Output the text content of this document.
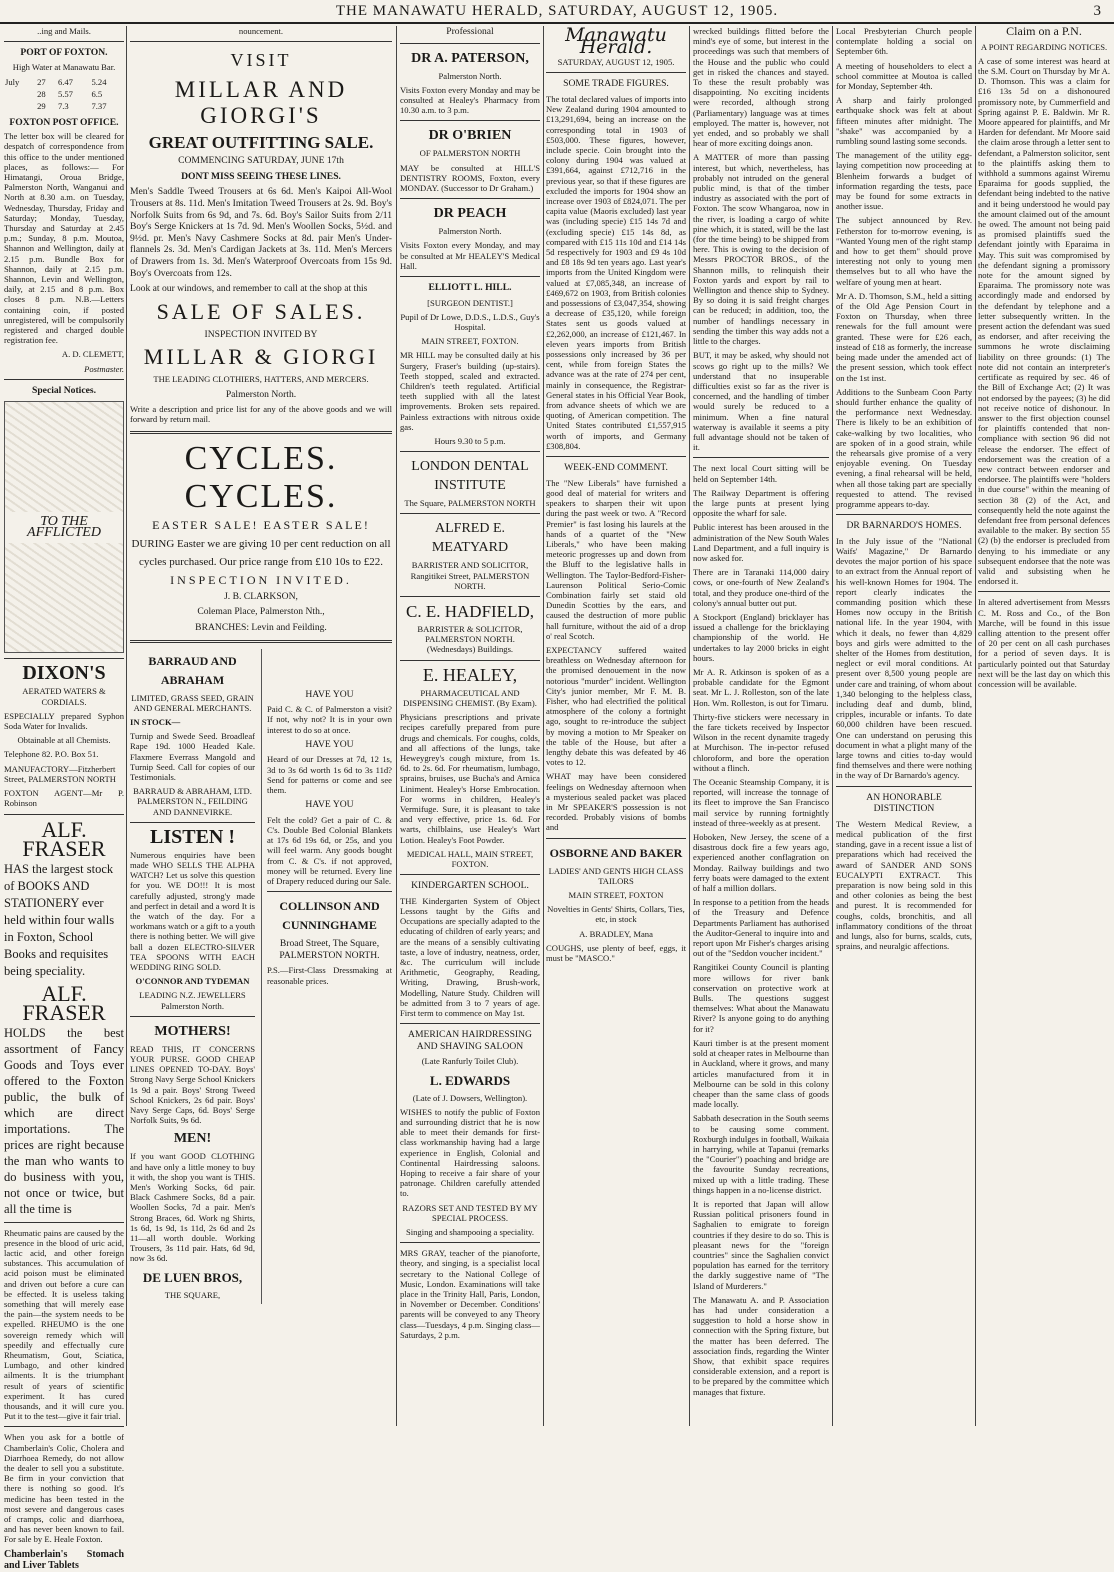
THE MANAWATU HERALD, SATURDAY, AUGUST 12, 1905.	3

..ing and Mails.

PORT OF FOXTON.

High Water at Manawatu Bar.

July	27	6.47	5.24
	28	5.57	6.5
	29	7.3	7.37
FOXTON POST OFFICE.

The letter box will be cleared for despatch of correspondence from this office to the under mentioned places, as follows:— For Himatangi, Oroua Bridge, Palmerston North, Wanganui and North at 8.30 a.m. on Tuesday, Wednesday, Thursday, Friday and Saturday; Monday, Tuesday, Thursday and Saturday at 2.45 p.m.; Sunday, 8 p.m. Moutoa, Shannon and Wellington, daily at 2.15 p.m. Bundle Box for Shannon, daily at 2.15 p.m. Shannon, Levin and Wellington, daily, at 2.15 and 8 p.m. Box closes 8 p.m. N.B.—Letters containing coin, if posted unregistered, will be compulsorily registered and charged double registration fee.

A. D. CLEMETT,

Postmaster.

Special Notices.
TO THE AFFLICTED
DIXON'S

AERATED WATERS & CORDIALS.

ESPECIALLY prepared Syphon Soda Water for Invalids.

Obtainable at all Chemists.

Telephone 82. P.O. Box 51.

MANUFACTORY—Fitzherbert Street, PALMERSTON NORTH

FOXTON AGENT—Mr P. Robinson

ALF. FRASER

HAS the largest stock of BOOKS AND STATIONERY ever held within four walls in Foxton, School Books and requisites being speciality.

ALF. FRASER

HOLDS the best assortment of Fancy Goods and Toys ever offered to the Foxton public, the bulk of which are direct importations. The prices are right because the man who wants to do business with you, not once or twice, but all the time is

Rheumatic pains are caused by the presence in the blood of uric acid, lactic acid, and other foreign substances. This accumulation of acid poison must be eliminated and driven out before a cure can be effected. It is useless taking something that will merely ease the pain—the system needs to be expelled. RHEUMO is the one sovereign remedy which will speedily and effectually cure Rheumatism, Gout, Sciatica, Lumbago, and other kindred ailments. It is the triumphant result of years of scientific experiment. It has cured thousands, and it will cure you. Put it to the test—give it fair trial.

When you ask for a bottle of Chamberlain's Colic, Cholera and Diarrhoea Remedy, do not allow the dealer to sell you a substitute. Be firm in your conviction that there is nothing so good. It's medicine has been tested in the most severe and dangerous cases of cramps, colic and diarrhoea, and has never been known to fail. For sale by E. Heale Foxton.

Chamberlain's Stomach and Liver Tablets

nouncement.

VISIT
MILLAR AND GIORGI'S
GREAT OUTFITTING SALE.

COMMENCING SATURDAY, JUNE 17th

DONT MISS SEEING THESE LINES.

Men's Saddle Tweed Trousers at 6s 6d. Men's Kaipoi All-Wool Trousers at 8s. 11d. Men's Imitation Tweed Trousers at 2s. 9d. Boy's Norfolk Suits from 6s 9d, and 7s. 6d. Boy's Sailor Suits from 2/11 Boy's Serge Knickers at 1s 7d. 9d. Men's Woollen Socks, 5½d. and 9½d. pr. Men's Navy Cashmere Socks at 8d. pair Men's Under-flannels 2s. 3d. Men's Cardigan Jackets at 3s. 11d. Men's Mercers of Drawers from 1s. 3d. Men's Waterproof Overcoats from 15s 9d. Boy's Overcoats from 12s.

Look at our windows, and remember to call at the shop at this

SALE OF SALES.

INSPECTION INVITED BY

MILLAR & GIORGI

THE LEADING CLOTHIERS, HATTERS, AND MERCERS.

Palmerston North.

Write a description and price list for any of the above goods and we will forward by return mail.

CYCLES. CYCLES.

EASTER SALE! EASTER SALE!

DURING Easter we are giving 10 per cent reduction on all cycles purchased. Our price range from £10 10s to £22.

INSPECTION INVITED.

J. B. CLARKSON,

Coleman Place, Palmerston Nth.,

BRANCHES: Levin and Feilding.

BARRAUD AND ABRAHAM

LIMITED, GRASS SEED, GRAIN AND GENERAL MERCHANTS.

IN STOCK—

Turnip and Swede Seed. Broadleaf Rape 19d. 1000 Headed Kale. Flaxmere Everrass Mangold and Turnip Seed. Call for copies of our Testimonials.

BARRAUD & ABRAHAM, LTD. PALMERSTON N., FEILDING AND DANNEVIRKE.

LISTEN !

Numerous enquiries have been made WHO SELLS THE ALPHA WATCH? Let us solve this question for you. WE DO!!! It is most carefully adjusted, strong'y made and perfect in detail and a word It is the watch of the day. For a workmans watch or a gift to a youth there is nothing better. We will give ball a dozen ELECTRO-SILVER TEA SPOONS WITH EACH WEDDING RING SOLD.

O'CONNOR AND TYDEMAN

LEADING N.Z. JEWELLERS Palmerston North.

MOTHERS!

READ THIS, IT CONCERNS YOUR PURSE. GOOD CHEAP LINES OPENED TO-DAY. Boys' Strong Navy Serge School Knickers 1s 9d a pair. Boys' Strong Tweed School Knickers, 2s 6d pair. Boys' Navy Serge Caps, 6d. Boys' Serge Norfolk Suits, 9s 6d.

MEN!

If you want GOOD CLOTHING and have only a little money to buy it with, the shop you want is THIS. Men's Working Socks, 6d pair. Black Cashmere Socks, 8d a pair. Woollen Socks, 7d a pair. Men's Strong Braces, 6d. Work ng Shirts, 1s 6d, 1s 9d, 1s 11d, 2s 6d and 2s 11—all worth double. Working Trousers, 3s 11d pair. Hats, 6d 9d, now 3s 6d.

DE LUEN BROS,

THE SQUARE,

HAVE YOU

Paid C. & C. of Palmerston a visit? If not, why not? It is in your own interest to do so at once.

HAVE YOU

Heard of our Dresses at 7d, 12 1s, 3d to 3s 6d worth 1s 6d to 3s 11d? Send for patterns or come and see them.

HAVE YOU

Felt the cold? Get a pair of C. & C's. Double Bed Colonial Blankets at 17s 6d 19s 6d, or 25s, and you will feel warm. Any goods bought from C. & C's. if not approved, money will be returned. Every line of Drapery reduced during our Sale.

COLLINSON AND CUNNINGHAME

Broad Street, The Square, PALMERSTON NORTH.

P.S.—First-Class Dressmaking at reasonable prices.

Professional

DR A. PATERSON,

Palmerston North.

Visits Foxton every Monday and may be consulted at Healey's Pharmacy from 10.30 a.m. to 3 p.m.

DR O'BRIEN

OF PALMERSTON NORTH

MAY be consulted at HILL'S DENTISTRY ROOMS, Foxton, every MONDAY. (Successor to Dr Graham.)

DR PEACH

Palmerston North.

Visits Foxton every Monday, and may be consulted at Mr HEALEY'S Medical Hall.

ELLIOTT L. HILL.

[SURGEON DENTIST.]

Pupil of Dr Lowe, D.D.S., L.D.S., Guy's Hospital.

MAIN STREET, FOXTON.

MR HILL may be consulted daily at his Surgery, Fraser's building (up-stairs). Teeth stopped, scaled and extracted. Children's teeth regulated. Artificial teeth supplied with all the latest improvements. Broken sets repaired. Painless extractions with nitrous oxide gas.

Hours 9.30 to 5 p.m.

LONDON DENTAL INSTITUTE

The Square, PALMERSTON NORTH

ALFRED E. MEATYARD

BARRISTER AND SOLICITOR, Rangitikei Street, PALMERSTON NORTH.

C. E. HADFIELD,

BARRISTER & SOLICITOR, PALMERSTON NORTH. (Wednesdays) Buildings.

E. HEALEY,

PHARMACEUTICAL AND DISPENSING CHEMIST. (By Exam).

Physicians prescriptions and private recipes carefully prepared from pure drugs and chemicals. For coughs, colds, and all affections of the lungs, take Heweygrey's cough mixture, from 1s. 6d. to 2s. 6d. For rheumatism, lumbago, sprains, bruises, use Bucha's and Arnica Liniment. Healey's Horse Embrocation. For worms in children, Healey's Vermifuge. Sure, it is pleasant to take and very effective, price 1s. 6d. For warts, chilblains, use Healey's Wart Lotion. Healey's Foot Powder.

MEDICAL HALL, MAIN STREET, FOXTON.

KINDERGARTEN SCHOOL.

THE Kindergarten System of Object Lessons taught by the Gifts and Occupations are specially adapted to the educating of children of early years; and are the means of a sensibly cultivating taste, a love of industry, neatness, order, &c. The curriculum will include Arithmetic, Geography, Reading, Writing, Drawing, Brush-work, Modelling, Nature Study. Children will be admitted from 3 to 7 years of age. First term to commence on May 1st.

AMERICAN HAIRDRESSING AND SHAVING SALOON

(Late Ranfurly Toilet Club).

L. EDWARDS

(Late of J. Dowsers, Wellington).

WISHES to notify the public of Foxton and surrounding district that he is now able to meet their demands for first-class workmanship having had a large experience in English, Colonial and Continental Hairdressing saloons. Hoping to receive a fair share of your patronage. Children carefully attended to.

RAZORS SET AND TESTED BY MY SPECIAL PROCESS.

Singing and shampooing a speciality.

MRS GRAY, teacher of the pianoforte, theory, and singing, is a specialist local secretary to the National College of Music, London. Examinations will take place in the Trinity Hall, Paris, London, in November or December. Conditions' parents will be conveyed to any Theory class—Tuesdays, 4 p.m. Singing class—Saturdays, 2 p.m.

Manawatu Herald.

SATURDAY, AUGUST 12, 1905.

SOME TRADE FIGURES.

The total declared values of imports into New Zealand during 1904 amounted to £13,291,694, being an increase on the corresponding total in 1903 of £503,000. These figures, however, include specie. Coin brought into the colony during 1904 was valued at £391,664, against £712,716 in the previous year, so that if these figures are excluded the imports for 1904 show an increase over 1903 of £824,071. The per capita value (Maoris excluded) last year was (including specie) £15 14s 7d and (excluding specie) £15 14s 8d, as compared with £15 11s 10d and £14 14s 5d respectively for 1903 and £9 4s 10d and £8 18s 9d ten years ago. Last year's imports from the United Kingdom were valued at £7,085,348, an increase of £469,672 on 1903, from British colonies and possessions of £3,047,354, showing a decrease of £35,120, while foreign States sent us goods valued at £2,262,000, an increase of £121,467. In eleven years imports from British possessions only increased by 36 per cent, while from foreign States the advance was at the rate of 274 per cent, mainly in consequence, the Registrar-General states in his Official Year Book, from advance sheets of which we are quoting, of American competition. The United States contributed £1,557,915 worth of imports, and Germany £308,804.

WEEK-END COMMENT.

The "New Liberals" have furnished a good deal of material for writers and speakers to sharpen their wit upon during the past week or two. A "Record Premier" is fast losing his laurels at the hands of a quartet of the "New Liberals," who have been making meteoric progresses up and down from the Bluff to the legislative halls in Wellington. The Taylor-Bedford-Fisher-Laurenson Political Serio-Comic Combination fairly set staid old Dunedin Scotties by the ears, and caused the destruction of more public hall furniture, without the aid of a drop o' real Scotch.

EXPECTANCY suffered waited breathless on Wednesday afternoon for the promised denouement in the now notorious "murder" incident. Wellington City's junior member, Mr F. M. B. Fisher, who had electrified the political atmosphere of the colony a fortnight ago, sought to re-introduce the subject by moving a motion to Mr Speaker on the table of the House, but after a lengthy debate this was defeated by 46 votes to 12.

WHAT may have been considered feelings on Wednesday afternoon when a mysterious sealed packet was placed in Mr SPEAKER'S possession is not recorded. Probably visions of bombs and

OSBORNE AND BAKER

LADIES' AND GENTS HIGH CLASS TAILORS

MAIN STREET, FOXTON

Novelties in Gents' Shirts, Collars, Ties, etc, in stock

A. BRADLEY, Mana

COUGHS, use plenty of beef, eggs, it must be "MASCO."

wrecked buildings flitted before the mind's eye of some, but interest in the proceedings was such that members of the House and the public who could get in risked the chances and stayed. To these the result probably was disappointing. No exciting incidents were recorded, although strong (Parliamentary) language was at times employed. The matter is, however, not yet ended, and so probably we shall hear of more exciting doings anon.

A MATTER of more than passing interest, but which, nevertheless, has probably not intruded on the general public mind, is that of the timber industry as associated with the port of Foxton. The scow Whangaroa, now in the river, is loading a cargo of white pine which, it is stated, will be the last (for the time being) to be shipped from here. This is owing to the decision of Messrs PROCTOR BROS., of the Shannon mills, to relinquish their Foxton yards and export by rail to Wellington and thence ship to Sydney. By so doing it is said freight charges can be reduced; in addition, too, the number of handlings necessary in sending the timber this way adds not a little to the charges.

BUT, it may be asked, why should not scows go right up to the mills? We understand that no insuperable difficulties exist so far as the river is concerned, and the handling of timber would surely be reduced to a minimum. When a fine natural waterway is available it seems a pity full advantage should not be taken of it.

The next local Court sitting will be held on September 14th.

The Railway Department is offering the large punts at present lying opposite the wharf for sale.

Public interest has been aroused in the administration of the New South Wales Land Department, and a full inquiry is now asked for.

There are in Taranaki 114,000 dairy cows, or one-fourth of New Zealand's total, and they produce one-third of the colony's annual butter out put.

A Stockport (England) bricklayer has issued a challenge for the bricklaying championship of the world. He undertakes to lay 2000 bricks in eight hours.

Mr A. R. Atkinson is spoken of as a probable candidate for the Egmont seat. Mr L. J. Rolleston, son of the late Hon. Wm. Rolleston, is out for Timaru.

Thirty-five stickers were necessary in the fare tickets received by Inspector Wilson in the recent dynamite tragedy at Murchison. The in-pector refused chloroform, and bore the operation without a flinch.

The Oceanic Steamship Company, it is reported, will increase the tonnage of its fleet to improve the San Francisco mail service by running fortnightly instead of three-weekly as at present.

Hoboken, New Jersey, the scene of a disastrous dock fire a few years ago, experienced another conflagration on Monday. Railway buildings and two ferry boats were damaged to the extent of half a million dollars.

In response to a petition from the heads of the Treasury and Defence Departments Parliament has authorised the Auditor-General to inquire into and report upon Mr Fisher's charges arising out of the "Seddon voucher incident."

Rangitikei County Council is planting more willows for river bank conservation on protective work at Bulls. The questions suggest themselves: What about the Manawatu River? Is anyone going to do anything for it?

Kauri timber is at the present moment sold at cheaper rates in Melbourne than in Auckland, where it grows, and many articles manufactured from it in Melbourne can be sold in this colony cheaper than the same class of goods made locally.

Sabbath desecration in the South seems to be causing some comment. Roxburgh indulges in football, Waikaia in harrying, while at Tapanui (remarks the "Courier") poaching and bridge are the favourite Sunday recreations, mixed up with a little trading. These things happen in a no-license district.

It is reported that Japan will allow Russian political prisoners found in Saghalien to emigrate to foreign countries if they desire to do so. This is pleasant news for the "foreign countries" since the Saghalien convict population has earned for the territory the darkly suggestive name of "The Island of Murderers."

The Manawatu A. and P. Association has had under consideration a suggestion to hold a horse show in connection with the Spring fixture, but the matter has been deferred. The association finds, regarding the Winter Show, that exhibit space requires considerable extension, and a report is to be prepared by the committee which manages that fixture.

Local Presbyterian Church people contemplate holding a social on September 6th.

A meeting of householders to elect a school committee at Moutoa is called for Monday, September 4th.

A sharp and fairly prolonged earthquake shock was felt at about fifteen minutes after midnight. The "shake" was accompanied by a rumbling sound lasting some seconds.

The management of the utility egg-laying competition now proceeding at Blenheim forwards a budget of information regarding the tests, pace may be found for some extracts in another issue.

The subject announced by Rev. Fetherston for to-morrow evening, is "Wanted Young men of the right stamp and how to get them" should prove interesting not only to young men themselves but to all who have the welfare of young men at heart.

Mr A. D. Thomson, S.M., held a sitting of the Old Age Pension Court in Foxton on Thursday, when three renewals for the full amount were granted. These were for £26 each, instead of £18 as formerly, the increase being made under the amended act of the present session, which took effect on the 1st inst.

Additions to the Sunbeam Coon Party should further enhance the quality of the performance next Wednesday. There is likely to be an exhibition of cake-walking by two localities, who are spoken of in a good strain, while the rehearsals give promise of a very enjoyable evening. On Tuesday evening, a final rehearsal will be held, when all those taking part are specially requested to attend. The revised programme appears to-day.

DR BARNARDO'S HOMES.

In the July issue of the "National Waifs' Magazine," Dr Barnardo devotes the major portion of his space to an extract from the Annual report of his well-known Homes for 1904. The report clearly indicates the commanding position which these Homes now occupy in the British national life. In the year 1904, with which it deals, no fewer than 4,829 boys and girls were admitted to the shelter of the Homes from destitution, neglect or evil moral conditions. At present over 8,500 young people are under care and training, of whom about 1,340 belonging to the helpless class, including deaf and dumb, blind, cripples, incurable or infants. To date 60,000 children have been rescued. One can understand on perusing this document in what a plight many of the large towns and cities to-day would find themselves and there were nothing in the way of Dr Barnardo's agency.

AN HONORABLE DISTINCTION

The Western Medical Review, a medical publication of the first standing, gave in a recent issue a list of preparations which had received the award of SANDER AND SONS EUCALYPTI EXTRACT. This preparation is now being sold in this and other colonies as being the best and purest. It is recommended for coughs, colds, bronchitis, and all inflammatory conditions of the throat and lungs, also for burns, scalds, cuts, sprains, and neuralgic affections.

Claim on a P.N.

A POINT REGARDING NOTICES.

A case of some interest was heard at the S.M. Court on Thursday by Mr A. D. Thomson. This was a claim for £16 13s 5d on a dishonoured promissory note, by Cummerfield and Spring against P. E. Baldwin. Mr R. Moore appeared for plaintiffs, and Mr Harden for defendant. Mr Moore said the claim arose through a letter sent to defendant, a Palmerston solicitor, sent to the plaintiffs asking them to withhold a summons against Wiremu Eparaima for goods supplied, the defendant being indebted to the native and it being understood he would pay the amount claimed out of the amount he owed. The amount not being paid as promised plaintiffs sued the defendant jointly with Eparaima in May. This suit was compromised by the defendant signing a promissory note for the amount signed by Eparaima. The promissory note was accordingly made and endorsed by the defendant by telephone and a letter subsequently written. In the present action the defendant was sued as endorser, and after receiving the summons he wrote disclaiming liability on three grounds: (1) The note did not contain an interpreter's certificate as required by sec. 46 of the Bill of Exchange Act; (2) It was not endorsed by the payees; (3) he did not receive notice of dishonour. In answer to the first objection counsel for plaintiffs contended that non-compliance with section 96 did not release the endorser. The effect of endorsement was the creation of a new contract between endorser and endorsee. The plaintiffs were "holders in due course" within the meaning of section 38 (2) of the Act, and consequently held the note against the defendant free from personal defences available to the maker. By section 55 (2) (b) the endorser is precluded from denying to his immediate or any subsequent endorsee that the note was valid and subsisting when he endorsed it.

In altered advertisement from Messrs C. M. Ross and Co., of the Bon Marche, will be found in this issue calling attention to the present offer of 20 per cent on all cash purchases for a period of seven days. It is particularly pointed out that Saturday next will be the last day on which this concession will be available.
